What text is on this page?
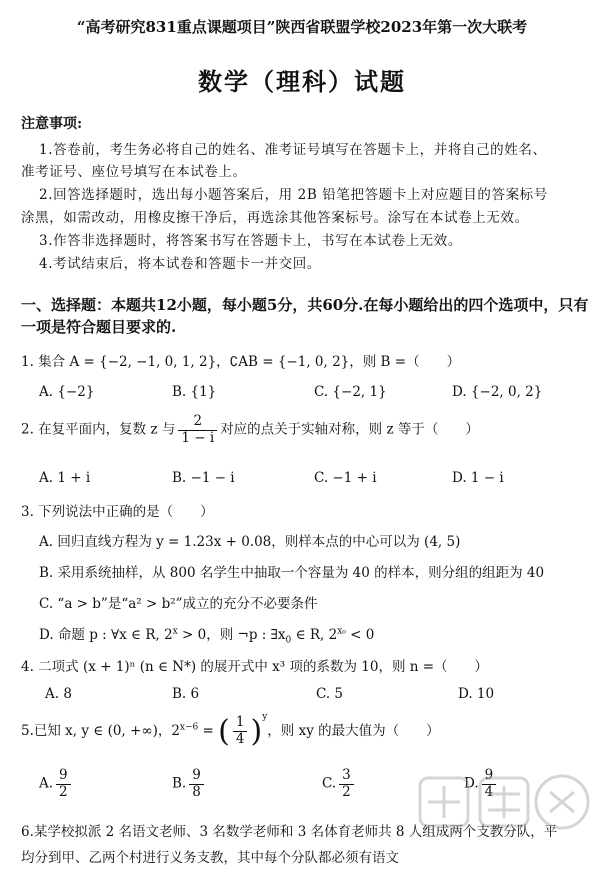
“高考研究831重点课题项目”陕西省联盟学校2023年第一次大联考
数学（理科）试题
注意事项:
1.答卷前，考生务必将自己的姓名、准考证号填写在答题卡上，并将自己的姓名、
准考证号、座位号填写在本试卷上。
2.回答选择题时，选出每小题答案后，用 2B 铅笔把答题卡上对应题目的答案标号
涂黑，如需改动，用橡皮擦干净后，再选涂其他答案标号。涂写在本试卷上无效。
3.作答非选择题时，将答案书写在答题卡上，书写在本试卷上无效。
4.考试结束后，将本试卷和答题卡一并交回。
一、选择题：本题共12小题，每小题5分，共60分.在每小题给出的四个选项中，只有
一项是符合题目要求的.
1. 集合 A = {−2, −1, 0, 1, 2}，∁AB = {−1, 0, 2}，则 B =（　　）
A. {−2}	B. {1}	C. {−2, 1}	D. {−2, 0, 2}
2. 在复平面内，复数 z 与 $\frac{2}{1 - i}$ 对应的点关于实轴对称，则 z 等于（　　）
A. 1 + i	B. −1 − i	C. −1 + i	D. 1 − i
3. 下列说法中正确的是（　　）
A. 回归直线方程为 y = 1.23x + 0.08，则样本点的中心可以为 (4, 5)
B. 采用系统抽样，从 800 名学生中抽取一个容量为 40 的样本，则分组的组距为 40
C. “a > b”是“a² > b²”成立的充分不必要条件
D. 命题 p : ∀x ∈ R, $2^x > 0$，则 ¬p : $\exists x_0$ ∈ R, $2^{x_0} < 0$
4. 二项式 (x + 1)ⁿ (n ∈ N*) 的展开式中 x³ 项的系数为 10，则 n =（　　）
A. 8	B. 6	C. 5	D. 10
5.已知 x, y ∈ (0, +∞)，$2^{x-6}$ = ( $\frac{1}{4} )^y$，则 xy 的最大值为（　　）
A. $\frac{9}{2}$	B. $\frac{9}{8}$	C. $\frac{3}{2}$	D. $\frac{9}{4}$
6.某学校拟派 2 名语文老师、3 名数学老师和 3 名体育老师共 8 人组成两个支教分队，平
均分到甲、乙两个村进行义务支教，其中每个分队都必须有语文
